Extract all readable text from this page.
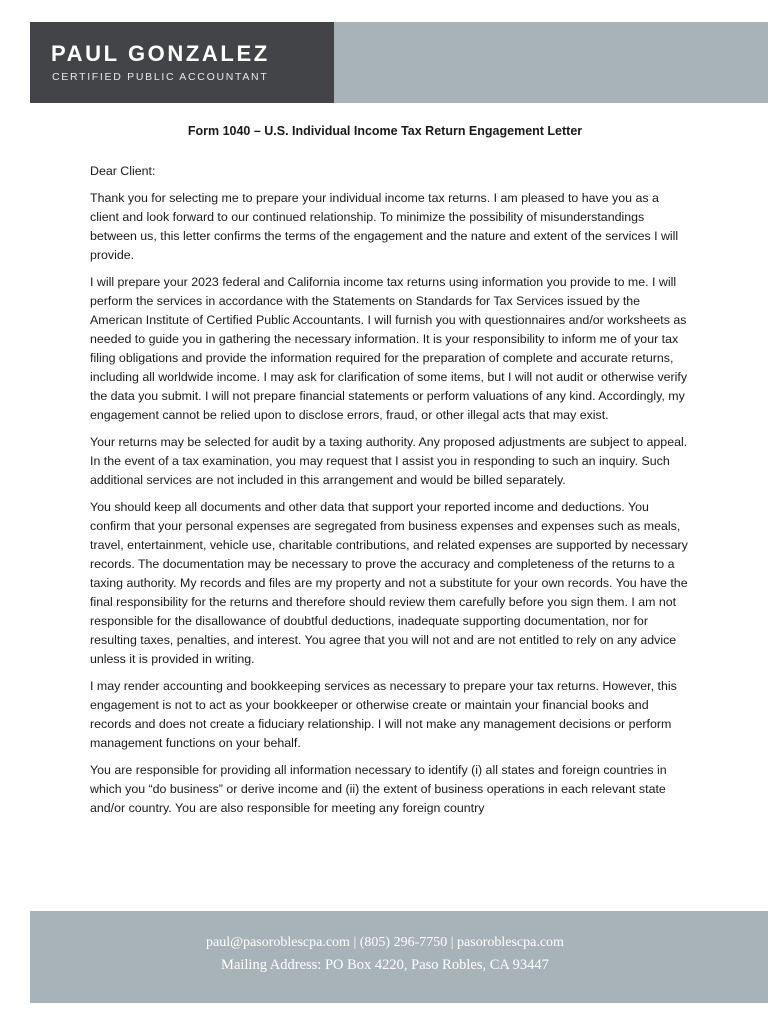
PAUL GONZALEZ
CERTIFIED PUBLIC ACCOUNTANT
Form 1040 – U.S. Individual Income Tax Return Engagement Letter

Dear Client:

Thank you for selecting me to prepare your individual income tax returns. I am pleased to have you as a client and look forward to our continued relationship. To minimize the possibility of misunderstandings between us, this letter confirms the terms of the engagement and the nature and extent of the services I will provide.

I will prepare your 2023 federal and California income tax returns using information you provide to me. I will perform the services in accordance with the Statements on Standards for Tax Services issued by the American Institute of Certified Public Accountants. I will furnish you with questionnaires and/or worksheets as needed to guide you in gathering the necessary information. It is your responsibility to inform me of your tax filing obligations and provide the information required for the preparation of complete and accurate returns, including all worldwide income. I may ask for clarification of some items, but I will not audit or otherwise verify the data you submit. I will not prepare financial statements or perform valuations of any kind. Accordingly, my engagement cannot be relied upon to disclose errors, fraud, or other illegal acts that may exist.

Your returns may be selected for audit by a taxing authority. Any proposed adjustments are subject to appeal. In the event of a tax examination, you may request that I assist you in responding to such an inquiry. Such additional services are not included in this arrangement and would be billed separately.

You should keep all documents and other data that support your reported income and deductions. You confirm that your personal expenses are segregated from business expenses and expenses such as meals, travel, entertainment, vehicle use, charitable contributions, and related expenses are supported by necessary records. The documentation may be necessary to prove the accuracy and completeness of the returns to a taxing authority. My records and files are my property and not a substitute for your own records. You have the final responsibility for the returns and therefore should review them carefully before you sign them. I am not responsible for the disallowance of doubtful deductions, inadequate supporting documentation, nor for resulting taxes, penalties, and interest. You agree that you will not and are not entitled to rely on any advice unless it is provided in writing.

I may render accounting and bookkeeping services as necessary to prepare your tax returns. However, this engagement is not to act as your bookkeeper or otherwise create or maintain your financial books and records and does not create a fiduciary relationship. I will not make any management decisions or perform management functions on your behalf.

You are responsible for providing all information necessary to identify (i) all states and foreign countries in which you “do business” or derive income and (ii) the extent of business operations in each relevant state and/or country. You are also responsible for meeting any foreign country

paul@pasoroblescpa.com | (805) 296-7750 | pasoroblescpa.com
Mailing Address: PO Box 4220, Paso Robles, CA 93447
